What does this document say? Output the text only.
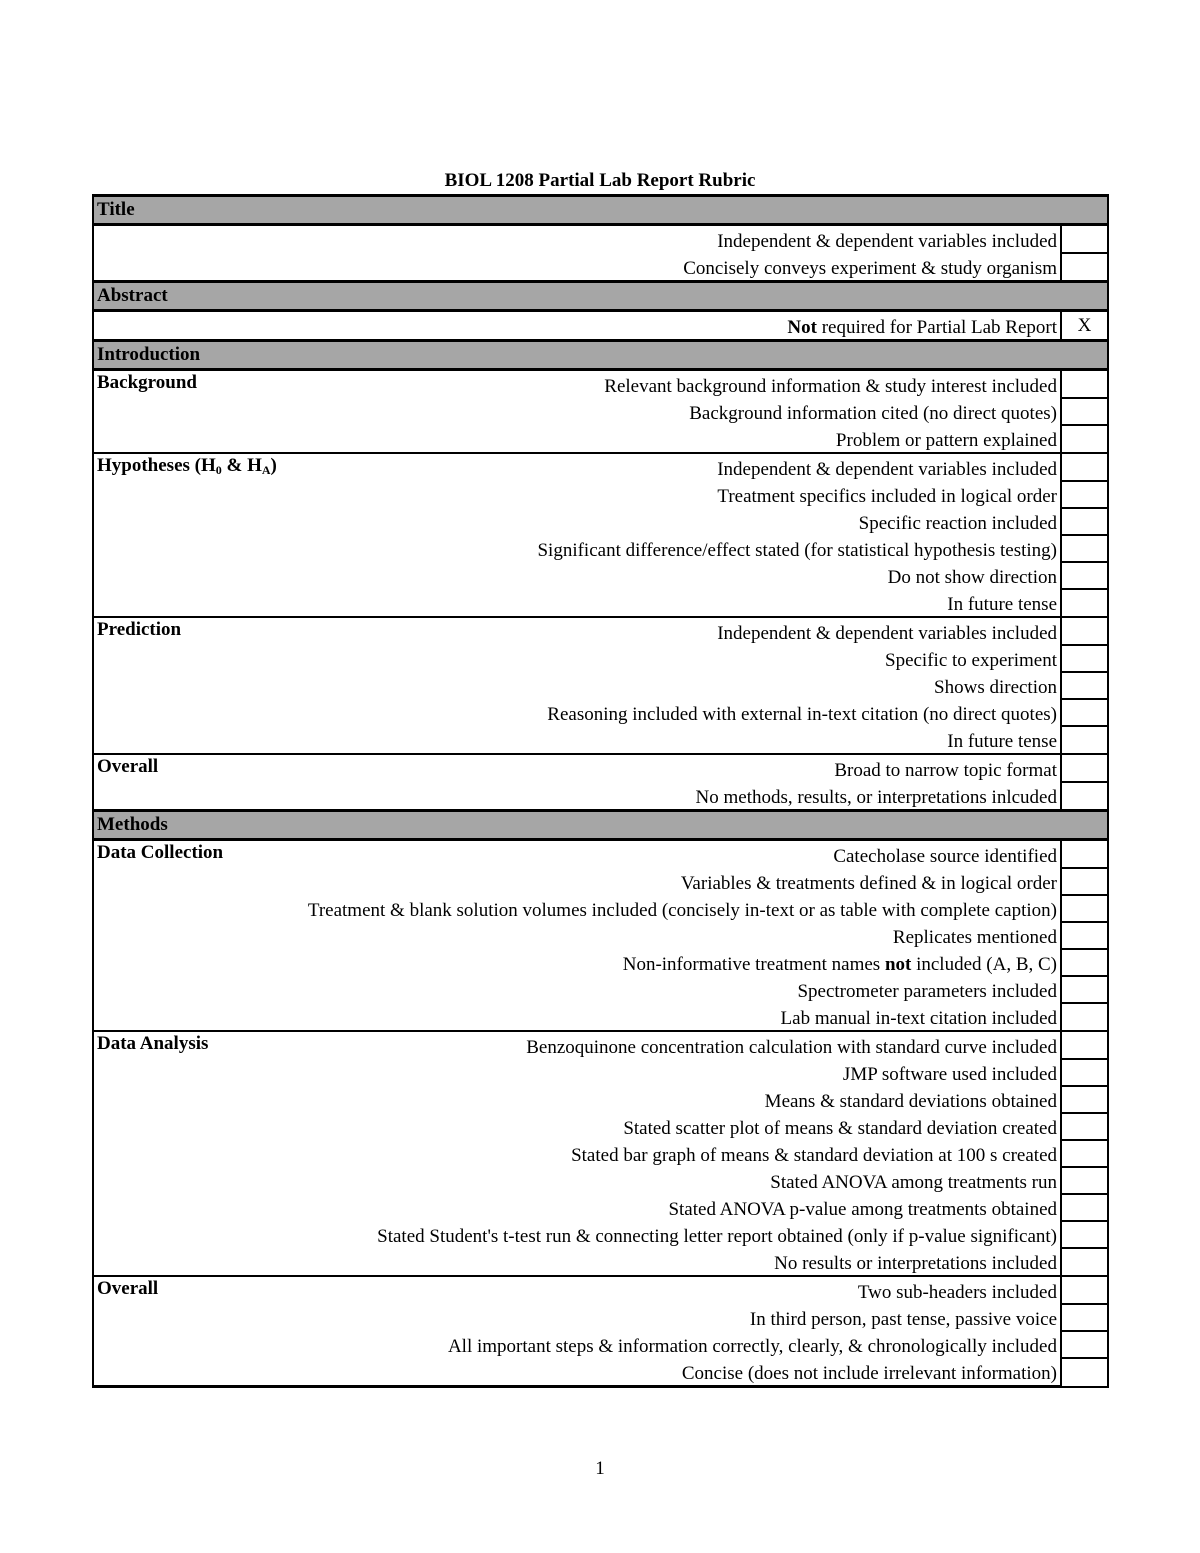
BIOL 1208 Partial Lab Report Rubric
Title		
	Independent & dependent variables included	
	Concisely conveys experiment & study organism	
Abstract		
	Not required for Partial Lab Report	X
Introduction		
Background	Relevant background information & study interest included	
	Background information cited (no direct quotes)	
	Problem or pattern explained	
Hypotheses ($H_0$ & $H_A$)	Independent & dependent variables included	
	Treatment specifics included in logical order	
	Specific reaction included	
	Significant difference/effect stated (for statistical hypothesis testing)	
	Do not show direction	
	In future tense	
Prediction	Independent & dependent variables included	
	Specific to experiment	
	Shows direction	
	Reasoning included with external in-text citation (no direct quotes)	
	In future tense	
Overall	Broad to narrow topic format	
	No methods, results, or interpretations inlcuded	
Methods		
Data Collection	Catecholase source identified	
	Variables & treatments defined & in logical order	
	Treatment & blank solution volumes included (concisely in-text or as table with complete caption)	
	Replicates mentioned	
	Non-informative treatment names not included (A, B, C)	
	Spectrometer parameters included	
	Lab manual in-text citation included	
Data Analysis	Benzoquinone concentration calculation with standard curve included	
	JMP software used included	
	Means & standard deviations obtained	
	Stated scatter plot of means & standard deviation created	
	Stated bar graph of means & standard deviation at 100 s created	
	Stated ANOVA among treatments run	
	Stated ANOVA p-value among treatments obtained	
	Stated Student's t-test run & connecting letter report obtained (only if p-value significant)	
	No results or interpretations included	
Overall	Two sub-headers included	
	In third person, past tense, passive voice	
	All important steps & information correctly, clearly, & chronologically included	
	Concise (does not include irrelevant information)	
1
